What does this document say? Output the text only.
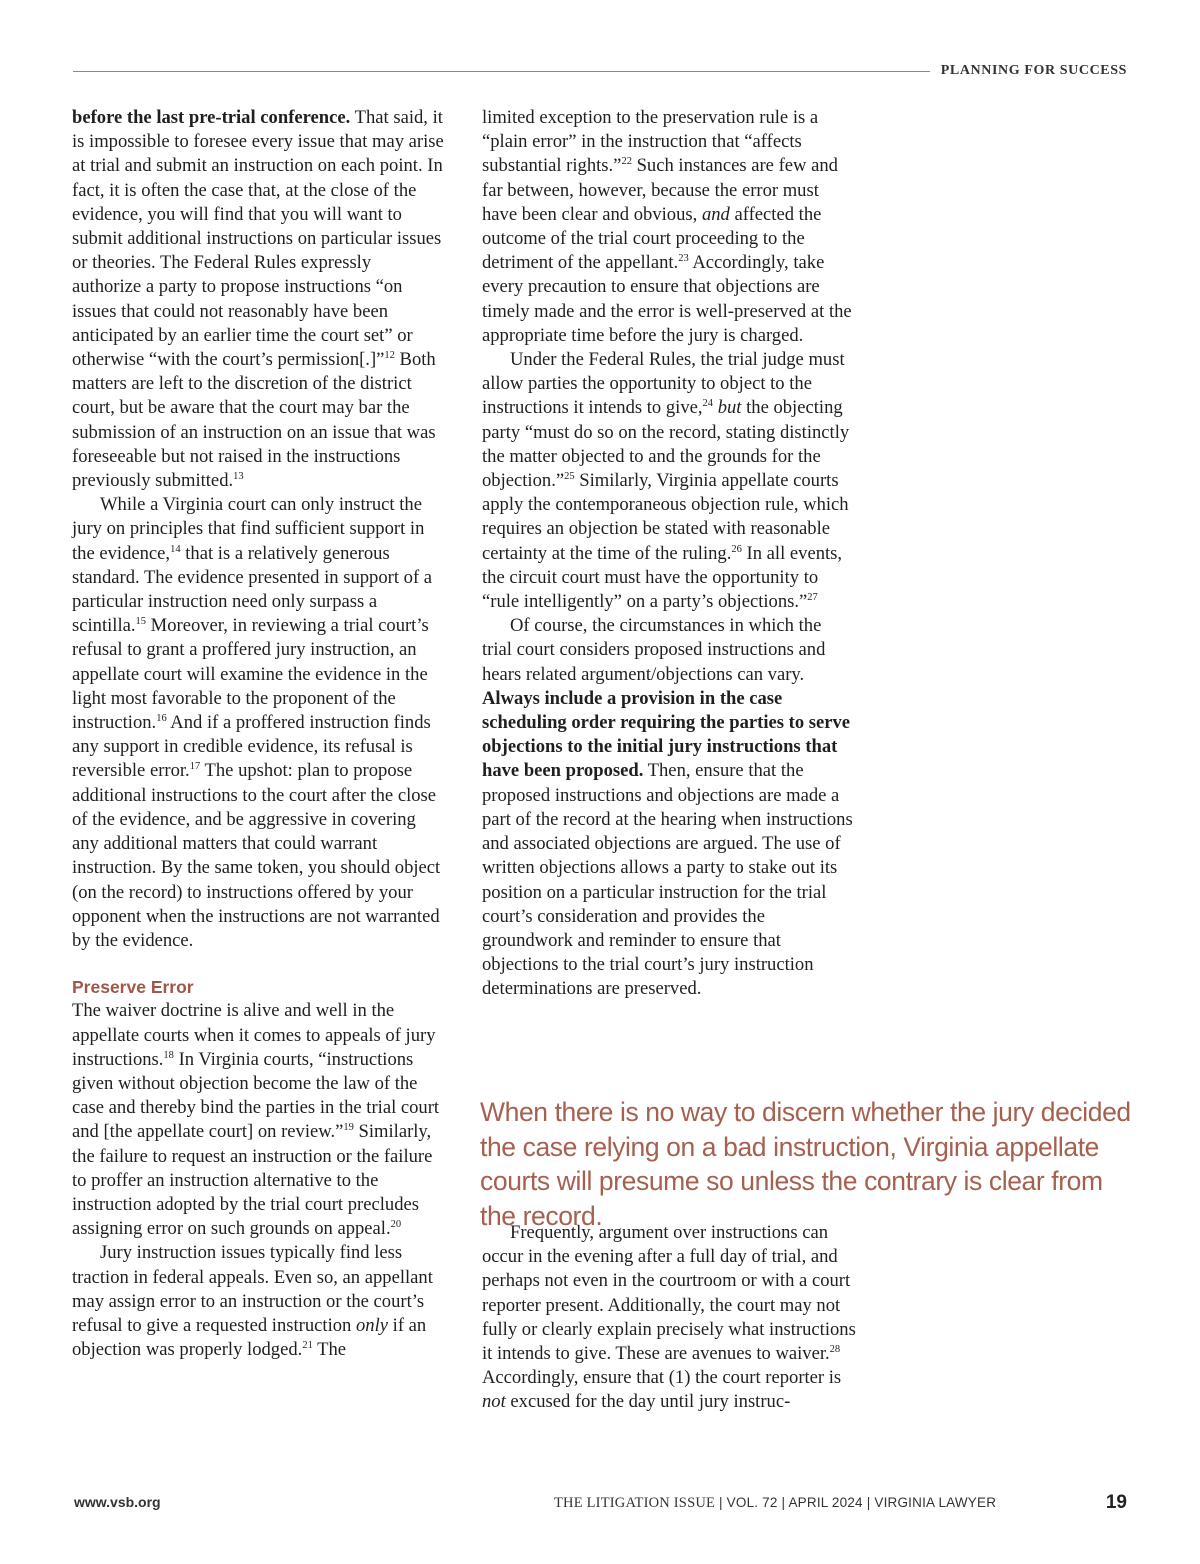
PLANNING FOR SUCCESS

before the last pre-trial conference. That said, it is impossible to foresee every issue that may arise at trial and submit an instruction on each point. In fact, it is often the case that, at the close of the evidence, you will find that you will want to submit additional instructions on particular issues or theories. The Federal Rules expressly authorize a party to propose instructions “on issues that could not reasonably have been anticipated by an earlier time the court set” or otherwise “with the court’s permission[.]”$^{12}$ Both matters are left to the discretion of the district court, but be aware that the court may bar the submission of an instruction on an issue that was foreseeable but not raised in the instructions previously submitted.$^{13}$

While a Virginia court can only instruct the jury on principles that find sufficient support in the evidence,$^{14}$ that is a relatively generous standard. The evidence presented in support of a particular instruction need only surpass a scintilla.$^{15}$ Moreover, in reviewing a trial court’s refusal to grant a proffered jury instruction, an appellate court will examine the evidence in the light most favorable to the proponent of the instruction.$^{16}$ And if a proffered instruction finds any support in credible evidence, its refusal is reversible error.$^{17}$ The upshot: plan to propose additional instructions to the court after the close of the evidence, and be aggressive in covering any additional matters that could warrant instruction. By the same token, you should object (on the record) to instructions offered by your opponent when the instructions are not warranted by the evidence.

Preserve Error

The waiver doctrine is alive and well in the appellate courts when it comes to appeals of jury instructions.$^{18}$ In Virginia courts, “instructions given without objection become the law of the case and thereby bind the parties in the trial court and [the appellate court] on review.”$^{19}$ Similarly, the failure to request an instruction or the failure to proffer an instruction alternative to the instruction adopted by the trial court precludes assigning error on such grounds on appeal.$^{20}$

Jury instruction issues typically find less traction in federal appeals. Even so, an appellant may assign error to an instruction or the court’s refusal to give a requested instruction only if an objection was properly lodged.$^{21}$ The

limited exception to the preservation rule is a “plain error” in the instruction that “affects substantial rights.”$^{22}$ Such instances are few and far between, however, because the error must have been clear and obvious, and affected the outcome of the trial court proceeding to the detriment of the appellant.$^{23}$ Accordingly, take every precaution to ensure that objections are timely made and the error is well-preserved at the appropriate time before the jury is charged.

Under the Federal Rules, the trial judge must allow parties the opportunity to object to the instructions it intends to give,$^{24}$ but the objecting party “must do so on the record, stating distinctly the matter objected to and the grounds for the objection.”$^{25}$ Similarly, Virginia appellate courts apply the contemporaneous objection rule, which requires an objection be stated with reasonable certainty at the time of the ruling.$^{26}$ In all events, the circuit court must have the opportunity to “rule intelligently” on a party’s objections.”$^{27}$

Of course, the circumstances in which the trial court considers proposed instructions and hears related argument/objections can vary. Always include a provision in the case scheduling order requiring the parties to serve objections to the initial jury instructions that have been proposed. Then, ensure that the proposed instructions and objections are made a part of the record at the hearing when instructions and associated objections are argued. The use of written objections allows a party to stake out its position on a particular instruction for the trial court’s consideration and provides the groundwork and reminder to ensure that objections to the trial court’s jury instruction determinations are preserved.

When there is no way to discern whether the jury decided the case relying on a bad instruction, Virginia appellate courts will presume so unless the contrary is clear from the record.

Frequently, argument over instructions can occur in the evening after a full day of trial, and perhaps not even in the courtroom or with a court reporter present. Additionally, the court may not fully or clearly explain precisely what instructions it intends to give. These are avenues to waiver.$^{28}$

Accordingly, ensure that (1) the court reporter is not excused for the day until jury instruc-

www.vsb.org	THE LITIGATION ISSUE | VOL. 72 | APRIL 2024 | VIRGINIA LAWYER	19
